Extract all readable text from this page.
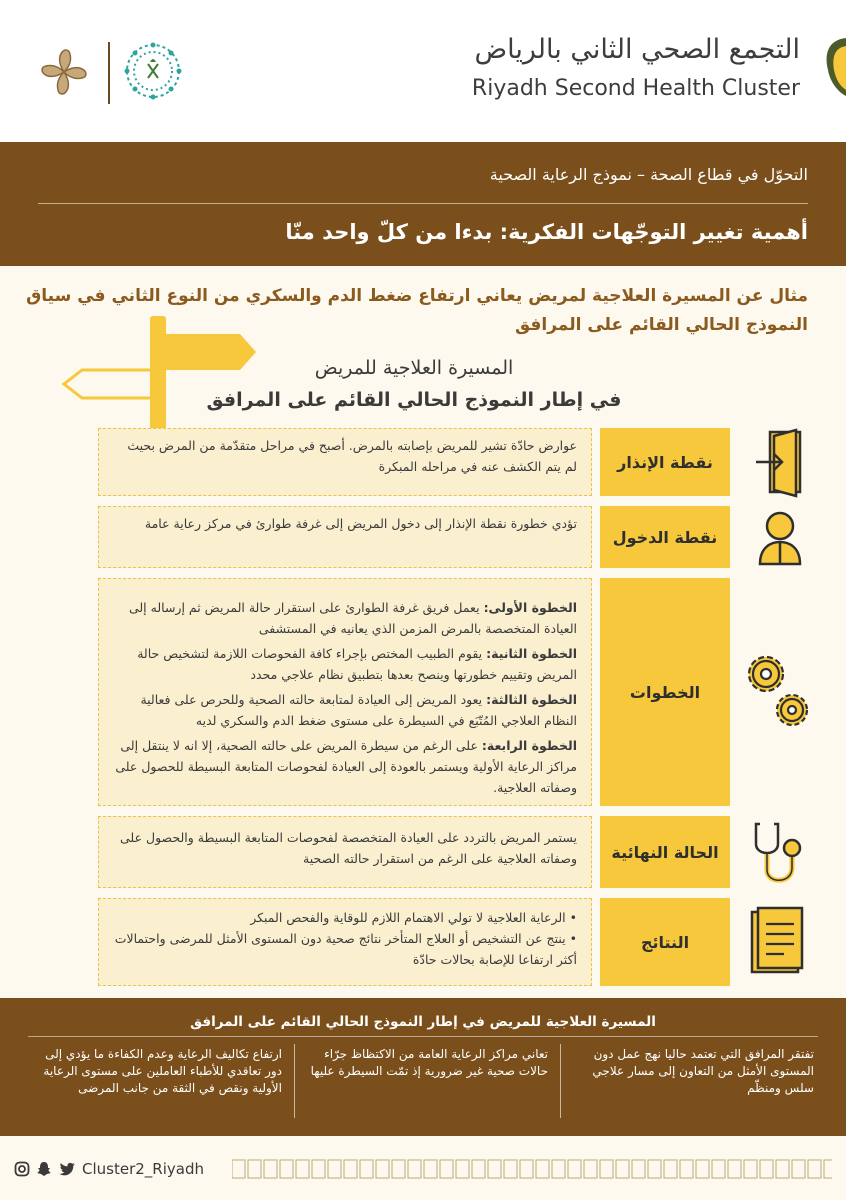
التجمع الصحي الثاني بالرياض
Riyadh Second Health Cluster
التحوّل في قطاع الصحة – نموذج الرعاية الصحية
أهمية تغيير التوجّهات الفكرية: بدءا من كلّ واحد منّا
مثال عن المسيرة العلاجية لمريض يعاني ارتفاع ضغط الدم والسكري من النوع الثاني في سياق النموذج الحالي القائم على المرافق
المسيرة العلاجية للمريض
في إطار النموذج الحالي القائم على المرافق
عوارض حادّة تشير للمريض بإصابته بالمرض. أصبح في مراحل متقدّمة من المرض بحيث لم يتم الكشف عنه في مراحله المبكرة	نقطة الإنذار
تؤدي خطورة نقطة الإنذار إلى دخول المريض إلى غرفة طوارئ في مركز رعاية عامة
نقطة الدخول
الخطوة الأولى: يعمل فريق غرفة الطوارئ على استقرار حالة المريض ثم إرساله إلى العيادة المتخصصة بالمرض المزمن الذي يعانيه في المستشفى
الخطوة الثانية: يقوم الطبيب المختص بإجراء كافة الفحوصات اللازمة لتشخيص حالة المريض وتقييم خطورتها وينصح بعدها بتطبيق نظام علاجي محدد
الخطوة الثالثة: يعود المريض إلى العيادة لمتابعة حالته الصحية وللحرص على فعالية النظام العلاجي المُتّبَع في السيطرة على مستوى ضغط الدم والسكري لديه
الخطوة الرابعة: على الرغم من سيطرة المريض على حالته الصحية، إلا انه لا ينتقل إلى مراكز الرعاية الأولية ويستمر بالعودة إلى العيادة لفحوصات المتابعة البسيطة للحصول على وصفاته العلاجية.
الخطوات
يستمر المريض بالتردد على العيادة المتخصصة لفحوصات المتابعة البسيطة والحصول على وصفاته العلاجية على الرغم من استقرار حالته الصحية	الحالة النهائية
• الرعاية العلاجية لا تولي الاهتمام اللازم للوقاية والفحص المبكر
• ينتج عن التشخيص أو العلاج المتأخر نتائج صحية دون المستوى الأمثل للمرضى واحتمالات أكثر ارتفاعا للإصابة بحالات حادّة
النتائج
المسيرة العلاجية للمريض في إطار النموذج الحالي القائم على المرافق
تفتقر المرافق التي تعتمد حاليا نهج عمل دون المستوى الأمثل من التعاون إلى مسار علاجي سلس ومنظّم
تعاني مراكز الرعاية العامة من الاكتظاظ جرّاء حالات صحية غير ضرورية إذ تمّت السيطرة عليها
ارتفاع تكاليف الرعاية وعدم الكفاءة ما يؤدي إلى دور تعاقدي للأطباء العاملين على مستوى الرعاية الأولية ونقص في الثقة من جانب المرضى
Cluster2_Riyadh
